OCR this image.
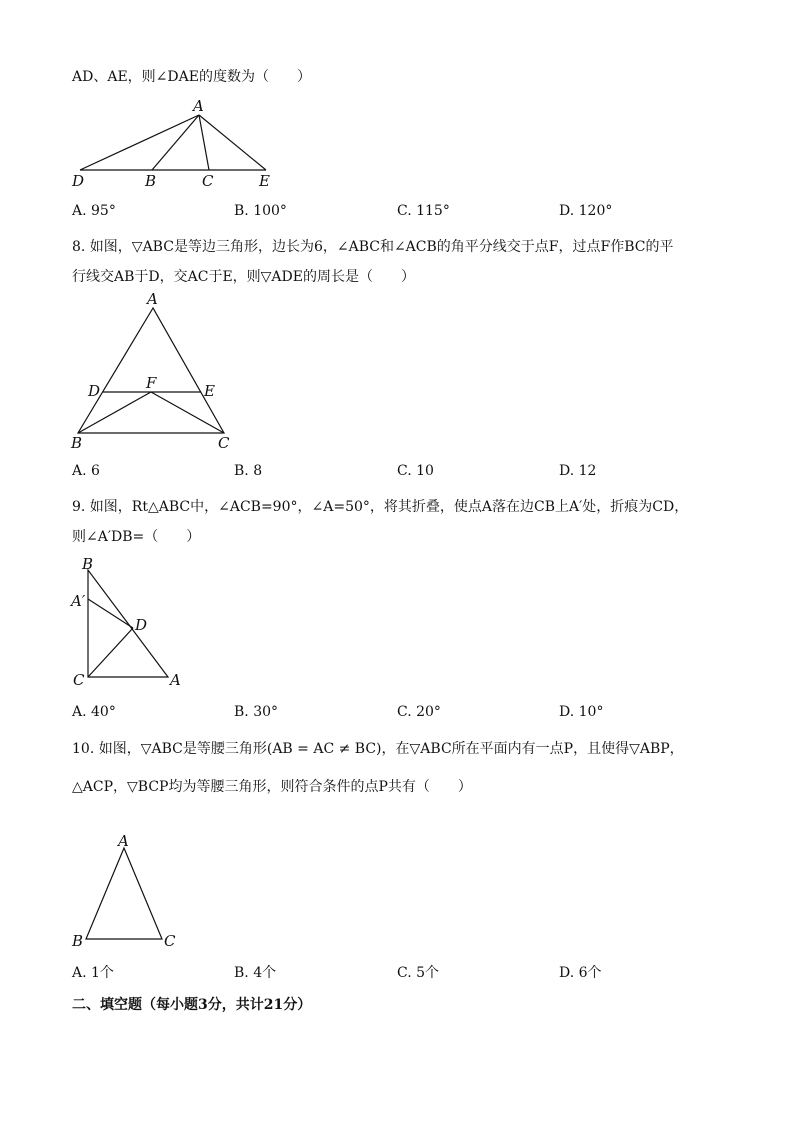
AD、AE，则∠DAE的度数为（　　）
A
D	B	C	E
A. 95°	B. 100°	C. 115°	D. 120°
8. 如图，▽ABC是等边三角形，边长为6，∠ABC和∠ACB的角平分线交于点F，过点F作BC的平
行线交AB于D，交AC于E，则▽ADE的周长是（　　）
A
D	F	E
B	C
A. 6	B. 8	C. 10	D. 12
9. 如图，Rt△ABC中，∠ACB=90°，∠A=50°，将其折叠，使点A落在边CB上A′处，折痕为CD，
则∠A′DB=（　　）
B
A′
D
C	A
A. 40°	B. 30°	C. 20°	D. 10°
10. 如图，▽ABC是等腰三角形(AB = AC ≠ BC)，在▽ABC所在平面内有一点P，且使得▽ABP，
△ACP，▽BCP均为等腰三角形，则符合条件的点P共有（　　）
A
B	C
A. 1个	B. 4个	C. 5个	D. 6个
二、填空题（每小题3分，共计21分）
